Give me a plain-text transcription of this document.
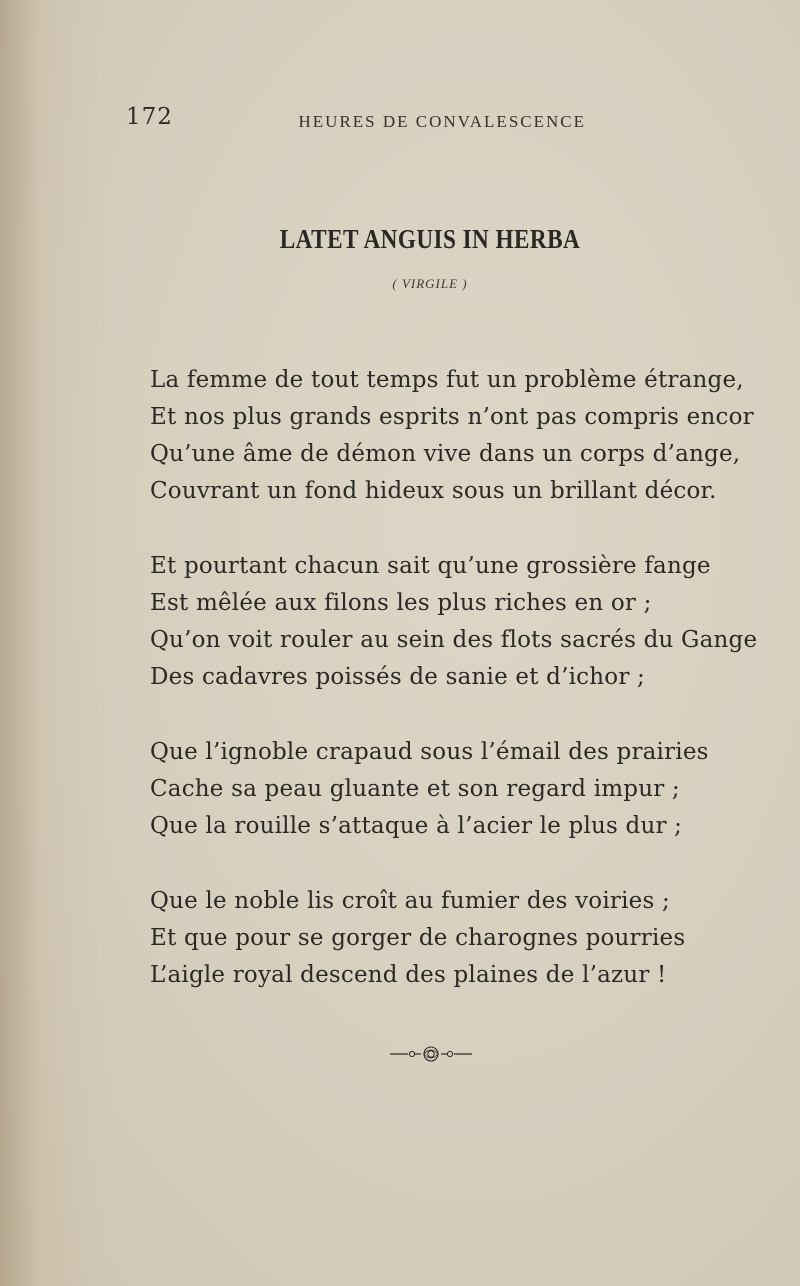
172	HEURES DE CONVALESCENCE
LATET ANGUIS IN HERBA
( VIRGILE )
La femme de tout temps fut un problème étrange,
Et nos plus grands esprits n’ont pas compris encor
Qu’une âme de démon vive dans un corps d’ange,
Couvrant un fond hideux sous un brillant décor.
Et pourtant chacun sait qu’une grossière fange
Est mêlée aux filons les plus riches en or ;
Qu’on voit rouler au sein des flots sacrés du Gange
Des cadavres poissés de sanie et d’ichor ;
Que l’ignoble crapaud sous l’émail des prairies
Cache sa peau gluante et son regard impur ;
Que la rouille s’attaque à l’acier le plus dur ;
Que le noble lis croît au fumier des voiries ;
Et que pour se gorger de charognes pourries
L’aigle royal descend des plaines de l’azur !
